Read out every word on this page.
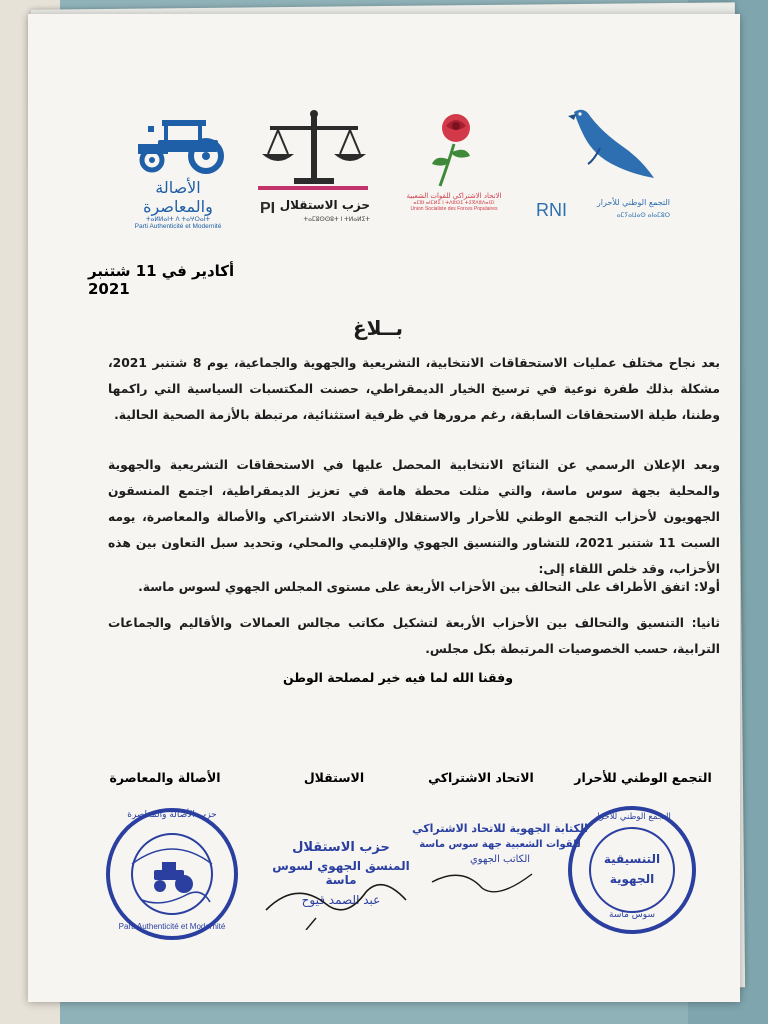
الأصالة والمعاصرة
ⵜⴰⵍⵍⴰⵏⵜ ⴷ ⵜⴰⵖⵔⴰⵏⵜ
Parti Authenticité et Modernité
PI حزب الاستقلال
ⵜⴰⵎⵓⵙⵙⵓⵜ ⵏ ⵜⵍⴰⵍⵉⵜ
الاتحاد الاشتراكي للقوات الشعبية
ⴰⵎⵓⵏ ⴰⵏⵎⵍⵉ ⵏ ⵜⴷⵓⵙⵉ ⵜⵉⴳⴷⵓⴷⴰⵏⵉⵏ
Union Socialiste des Forces Populaires	RNI	التجمع الوطني للأحرار
ⴰⵎⵢⴰⵡⴰⵙ ⴰⵏⴰⵎⵓⵔ
أكادير في 11 شتنبر 2021
بــلاغ
بعد نجاح مختلف عمليات الاستحقاقات الانتخابية، التشريعية والجهوية والجماعية، يوم 8 شتنبر 2021، مشكلة بذلك طفرة نوعية في ترسيخ الخيار الديمقراطي، حصنت المكتسبات السياسية التي راكمها وطننا، طيلة الاستحقاقات السابقة، رغم مرورها في ظرفية استثنائية، مرتبطة بالأزمة الصحية الحالية.
وبعد الإعلان الرسمي عن النتائج الانتخابية المحصل عليها في الاستحقاقات التشريعية والجهوية والمحلية بجهة سوس ماسة، والتي مثلت محطة هامة في تعزيز الديمقراطية، اجتمع المنسقون الجهويون لأحزاب التجمع الوطني للأحرار والاستقلال والاتحاد الاشتراكي والأصالة والمعاصرة، يومه السبت 11 شتنبر 2021، للتشاور والتنسيق الجهوي والإقليمي والمحلي، وتحديد سبل التعاون بين هذه الأحزاب، وقد خلص اللقاء إلى:
أولا: اتفق الأطراف على التحالف بين الأحزاب الأربعة على مستوى المجلس الجهوي لسوس ماسة.
ثانيا: التنسيق والتحالف بين الأحزاب الأربعة لتشكيل مكاتب مجالس العمالات والأقاليم والجماعات الترابية، حسب الخصوصيات المرتبطة بكل مجلس.
وفقنا الله لما فيه خير لمصلحة الوطن
التجمع الوطني للأحرار
الاتحاد الاشتراكي
الاستقلال
الأصالة والمعاصرة
حزب الأصالة والمعاصرة
Parti Authenticité et Modernité
حزب الاستقلال
المنسق الجهوي لسوس ماسة
عبد الصمد قيوح
الكتابة الجهوية للاتحاد الاشتراكي
للقوات الشعبية جهة سوس ماسة
الكاتب الجهوي
التجمع الوطني للأحرار
التنسيقية
الجهوية
سوس ماسة
